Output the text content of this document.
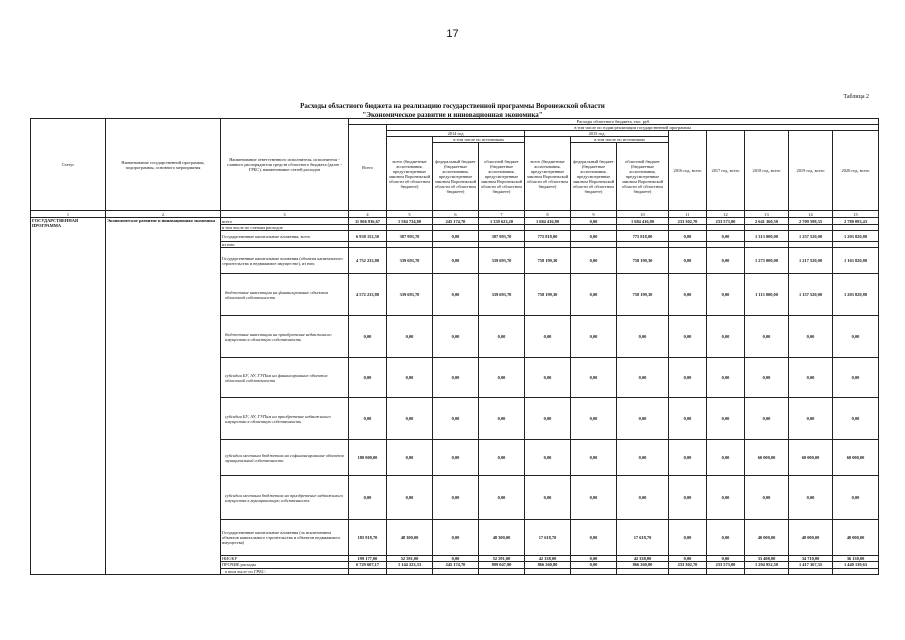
17
Таблица 2
Расходы областного бюджета на реализацию государственной программы Воронежской области
"Экономическое развитие и инновационная экономика"
Статус	Наименование государственной программы, подпрограммы, основного мероприятия	Наименование ответственного исполнителя, исполнителя - главного распорядителя средств областного бюджета (далее - ГРБС), наименование статей расходов	Расходы областного бюджета, тыс. руб.											
			Всего	в том числе по годам реализации государственной программы										
				2014 год			2015 год			2016 год, всего	2017 год, всего	2018 год, всего	2019 год, всего	2020 год, всего
				всего (бюджетные ассигнования, предусмотренные законом Воронежской области об областном бюджете)	в том числе по источникам		всего (бюджетные ассигнования, предусмотренные законом Воронежской области об областном бюджете)	в том числе по источникам						
					федеральный бюджет (бюджетные ассигнования, предусмотренные законом Воронежской области об областном бюджете)	областной бюджет (бюджетные ассигнования, предусмотренные законом Воронежской области об областном бюджете)		федеральный бюджет (бюджетные ассигнования, предусмотренные законом Воронежской области об областном бюджете)	областной бюджет (бюджетные ассигнования, предусмотренные законом Воронежской области об областном бюджете)					
1	2	3	4	5	6	7	8	9	10	11	12	13	14	15
ГОСУДАРСТВЕННАЯ ПРОГРАММА	Экономическое развитие и инновационная экономика	всего	11 866 936,67	1 584 734,80	245 174,70	1 339 623,20	1 684 416,80	0,00	1 684 416,80	233 302,70	233 573,00	2 641 360,50	2 709 598,35	2 780 093,43
		в том числе по статьям расходов												
		Государственные капитальные вложения, всего	6 938 152,50	387 993,70	0,00	387 993,70	775 818,00	0,00	775 818,00	0,00	0,00	1 313 000,00	1 257 520,00	1 203 820,80
		из них:												
		Государственные капитальные вложения (объекты капитального строительства и недвижимое имущество), из них:	4 752 233,80	339 693,70	0,00	339 693,70	758 199,30	0,00	758 199,30	0,00	0,00	1 273 000,00	1 217 520,00	1 163 820,80
		бюджетные инвестиции на финансирование объектов областной собственности	4 572 233,80	339 693,70	0,00	339 693,70	758 199,30	0,00	758 199,30	0,00	0,00	1 113 000,00	1 157 520,00	1 203 820,80
		бюджетные инвестиции на приобретение недвижимого имущества в областную собственность	0,00	0,00	0,00	0,00	0,00	0,00	0,00	0,00	0,00	0,00	0,00	0,00
		субсидии БУ, АУ, ГУПам на финансирование объектов областной собственности	0,00	0,00	0,00	0,00	0,00	0,00	0,00	0,00	0,00	0,00	0,00	0,00
		субсидии БУ, АУ, ГУПам на приобретение недвижимого имущества в областную собственность	0,00	0,00	0,00	0,00	0,00	0,00	0,00	0,00	0,00	0,00	0,00	0,00
		субсидии местным бюджетам на софинансирование объектов муниципальной собственности	180 000,00	0,00	0,00	0,00	0,00	0,00	0,00	0,00	0,00	60 000,00	60 000,00	60 000,00
		субсидии местным бюджетам на приобретение недвижимого имущества в муниципальную собственность	0,00	0,00	0,00	0,00	0,00	0,00	0,00	0,00	0,00	0,00	0,00	0,00
		Государственные капитальные вложения (за исключением объектов капитального строительства и объектов недвижимого имущества)	185 918,70	48 300,00	0,00	48 300,00	17 618,70	0,00	17 618,70	0,00	0,00	40 000,00	40 000,00	40 000,00
		НИОКР	199 177,00	52 591,00	0,00	52 591,00	42 338,00	0,00	42 338,00	0,00	0,00	33 408,00	34 710,00	36 130,00
		ПРОЧИЕ расходы	6 729 607,17	1 144 223,33	245 174,70	899 047,80	866 260,80	0,00	866 260,80	233 302,70	233 573,00	1 294 952,50	1 417 367,35	1 440 139,63
		в том числе по ГРБС:												
